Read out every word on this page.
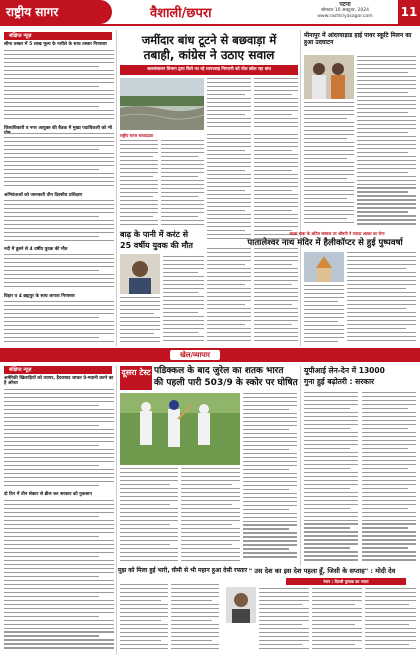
राष्ट्रीय सागर	वैशाली/छपरा
पटना
सोमवार 10 अक्टूबर, 2024
www.rashtriyasagar.com	11
संक्षिप्त न्यूज़
सीमा तस्कर में 5 लाख मूल्य के नशीले के साथ तस्कर गिरफ्तार
जिलाधिकारी व नगर आयुक्त की बैठक में मुख्य पदाधिकारी को भी
अभियंताओं को जानकारी तीन दिवसीय प्रशिक्षण
नदी में डूबने से 4 वर्षीय युवक की मौत
विहार व 4 ब्रह्मपुर के साथ लापता गिरफ्तार
जमींदार बांध टूटने से बछवाड़ा में
तबाही, कांग्रेस ने उठाए सवाल
जलसंसाधन विभाग द्वारा किये जा रहे लापरवाह निगरानी को पोल खोल रहा बांध
राष्ट्रीय सागर संवाददाता
बाढ़ के पानी में करंट से
25 वर्षीय युवक की मौत
मीनापुर में आंदरवाड़ाड हाई पावर स्कूटि मिलन का हुआ उदघाटन
काला बाबा के अंतिम संस्कार पर श्रीमती ने उपादा अल्का का रोगा
पातालेश्वर नाथ मंदिर में हैलीकॉप्टर से हुई पुष्पवर्षा
खेल/व्यापार
संक्षिप्त न्यूज़
अमेरिकी खिलाड़ियों को व्यापर, हैदराबाद जाकर प्रे-मवानी करने का है ऑफर
दो दिन में तीन सेक्टर से ब्रीज कर सरकार को नुकसान
दूसरा टेस्ट पडिक्कल के बाद जुरेल का शतक भारत
की पहली पारी 503/9 के स्कोर पर घोषित
यूपीआई लेन-देन में 13000
गुना हुई बढ़ोतरी : सरकार
मुझ को मिला हुई भारी, घीमी से भी महान हुआ देसी रफ्तार " उस देश का इस देश पहला हूँ, जिसी के सप्ताह" : मोदी देव
रंजन : दिल्ली पुस्तक का भारत
